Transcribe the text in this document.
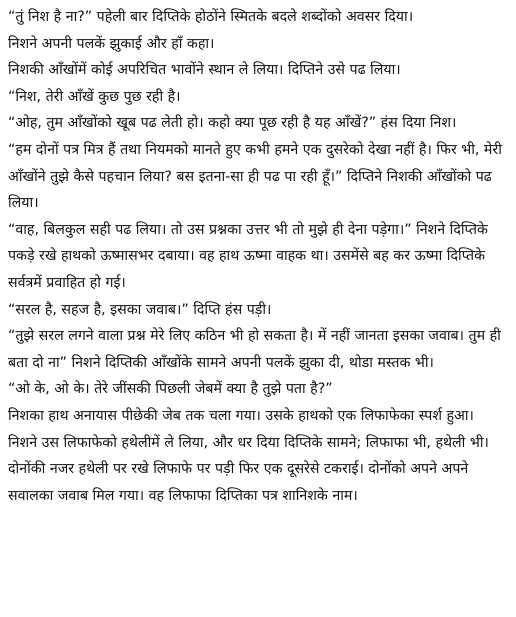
“तुं निश है ना?” पहेली बार दिप्तिके होठोंने स्मितके बदले शब्दोंको अवसर दिया।

निशने अपनी पलकें झुकाई और हाँ कहा।

निशकी आँखोंमें कोई अपरिचित भावोंने स्थान ले लिया। दिप्तिने उसे पढ लिया।

“निश, तेरी आँखें कुछ पुछ रही है।

“ओह, तुम आँखोंको खूब पढ लेती हो। कहो क्या पूछ रही है यह आँखें?” हंस दिया निश।

“हम दोनों पत्र मित्र हैं तथा नियमको मानते हुए कभी हमने एक दुसरेको देखा नहीं है। फिर भी, मेरी आँखोंने तुझे कैसे पहचान लिया? बस इतना-सा ही पढ पा रही हूँ।” दिप्तिने निशकी आँखोंको पढ लिया।

“वाह, बिलकुल सही पढ लिया। तो उस प्रश्नका उत्तर भी तो मुझे ही देना पड़ेगा।” निशने दिप्तिके पकड़े रखे हाथको ऊष्मासभर दबाया। वह हाथ ऊष्मा वाहक था। उसमेंसे बह कर ऊष्मा दिप्तिके सर्वत्रमें प्रवाहित हो गई।

“सरल है, सहज है, इसका जवाब।” दिप्ति हंस पड़ी।

“तुझे सरल लगने वाला प्रश्न मेरे लिए कठिन भी हो सकता है। में नहीं जानता इसका जवाब। तुम ही बता दो ना” निशने दिप्तिकी आँखोंके सामने अपनी पलकें झुका दी, थोडा मस्तक भी।

“ओ के, ओ के। तेरे जींसकी पिछली जेबमें क्या है तुझे पता है?”

निशका हाथ अनायास पीछेकी जेब तक चला गया। उसके हाथको एक लिफाफेका स्पर्श हुआ। निशने उस लिफाफेको हथेलीमें ले लिया, और धर दिया दिप्तिके सामने; लिफाफा भी, हथेली भी।

दोनोंकी नजर हथेली पर रखे लिफाफे पर पड़ी फिर एक दूसरेसे टकराई। दोनोंको अपने अपने सवालका जवाब मिल गया। वह लिफाफा दिप्तिका पत्र शानिशके नाम।
